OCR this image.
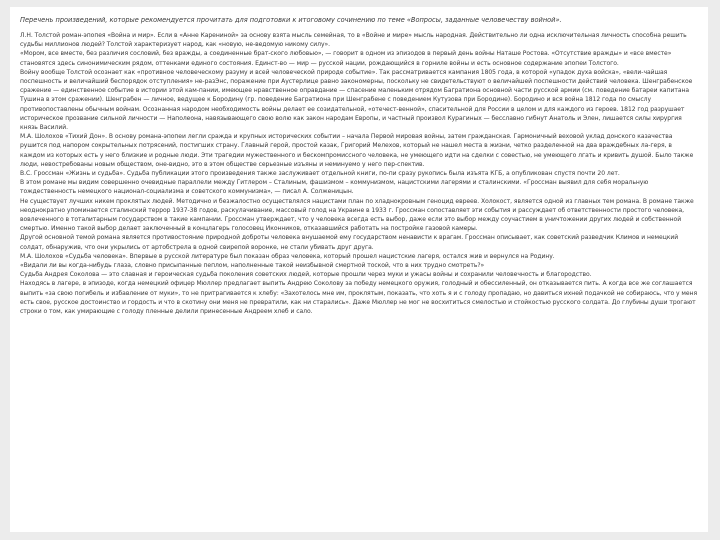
Перечень произведений, которые рекомендуется прочитать для подготовки к итоговому сочинению по теме «Вопросы, заданные человечеству войной».

Л.Н. Толстой роман-эпопея «Война и мир». Если в «Анне Карениной» за основу взята мысль семейная, то в «Войне и мире» мысль народная. Действительно ли одна исключительная личность способна решить судьбы миллионов людей? Толстой характеризует народ, как «новую, не-ведомую никому силу».

«Мором, все вместе, без различия сословий, без вражды, а соединенные брат-ского любовью», — говорит в одном из эпизодов в первый день войны Наташе Ростова. «Отсутствие вражды» и «все вместе» становятся здесь синонимическим рядом, оттенками единого состояния. Единст-во — мир — русской нации, рождающийся в горниле войны и есть основное содержание эпопеи Толстого.

Войну вообще Толстой осознает как «противное человеческому разуму и всей человеческой природе событие». Так рассматривается кампания 1805 года, в которой «упадок духа войска», «вели-чайшая поспешность и величайший беспорядок отступления» не-разЭнс, поражение при Аустерлице равно закономерны, поскольку не свидетельствуют о величайшей поспешности действий человека. Шенграбенское сражение — единственное событие в истории этой кам-пании, имеющее нравственное оправдание — спасение маленьким отрядом Багратиона основной части русской армии (см. поведение батареи капитана Тушина в этом сражении). Шенграбен — личное, ведущее к Бородину (гр. поведение Багратиона при Шенграбене с поведением Кутузова при Бородине). Бородино и вся война 1812 года по смыслу противопоставлены обычным войнам. Осознанная народом необходимость войны делает ее созидательной, «отечест-венной», спасительной для России в целом и для каждого из героев. 1812 год разрушает историческое прозвание сильной личности — Наполеона, навязывающего свою волю как закон народам Европы, и частный произвол Курагиных — бесславно гибнут Анатоль и Элен, лишается силы хирургия князь Василий.

М.А. Шолохов «Тихий Дон». В основу романа-эпопеи легли сражда и крупных исторических событии – начала Первой мировая войны, затем гражданская. Гармоничный веховой уклад донского казачества рушится под напором сокрытельных потрясений, постигших страну. Главный герой, простой казак, Григорий Мелехов, который не нашел места в жизни, четко разделенной на два враждебных ла-геря, в каждом из которых есть у него близкие и родные люди. Эти трагедии мужественного и бескомпромиссного человека, не умеющего идти на сделки с совестью, не умеющего лгать и кривить душой. Было также люди, невостребованы новым обществом, оне-видно, это в этом обществе серьезные изъяны и неминуемо у него пер-спектив.

В.С. Гроссман «Жизнь и судьба». Судьба публикации этого произведения также заслуживает отдельной книги, по-пи сразу рукопись была изъята КГБ, а опубликован спустя почти 20 лет.

В этом романе мы видим совершенно очевидные параллели между Гитлером – Сталиным, фашизмом – коммунизмом, нацистскими лагерями и сталинскими. «Гроссман выявил для себя моральную тождественность немецкого национал-социализма и советского коммунизма», — писал А. Солженицын.

Не существует лучших никем проклятых людей. Методично и безжалостно осуществлялся нацистами план по хладнокровным геноцид евреев. Холокост, является одной из главных тем романа. В романе также неоднократно упоминается сталинский террор 1937-38 годов, раскулачивание, массовый голод на Украине в 1933 г. Гроссман сопоставляет эти события и рассуждает об ответственности простого человека, вовлеченного в тоталитарным государством в такие кампании. Гроссман утверждает, что у человека всегда есть выбор, даже если это выбор между соучастием в уничтожении других людей и собственной смертью. Именно такой выбор делает заключенный в концлагерь голосовец Иконников, отказавшийся работать на постройке газовой камеры.

Другой основной темой романа является противостояние природной доброты человека внушаемой ему государством ненависти к врагам. Гроссман описывает, как советский разведчик Климов и немецкий солдат, обнаружив, что они укрылись от артобстрела в одной свирепой воронке, не стали убивать друг друга.

М.А. Шолохов «Судьба человека». Впервые в русской литературе был показан образ человека, который прошел нацистские лагеря, остался жив и вернулся на Родину.

«Видали ли вы когда-нибудь глаза, словно присыпанные пеплом, наполненные такой неизбывной смертной тоской, что в них трудно смотреть?»

Судьба Андрея Соколова — это славная и героическая судьба поколения советских людей, которые прошли через муки и ужасы войны и сохранили человечность и благородство.

Находясь в лагере, в эпизоде, когда немецкий офицер Мюллер предлагает выпить Андрею Соколову за победу немецкого оружия, голодный и обессиленный, он отказывается пить. А когда все же соглашается выпить «за свою погибель и избавление от муки», то не притрагивается к хлебу: «Захотелось мне им, проклятым, показать, что хоть я и с голоду пропадаю, но давиться ихней подачкой не собираюсь, что у меня есть свое, русское достоинство и гордость и что в скотину они меня не превратили, как ни старались». Даже Мюллер не мог не восхититься смелостью и стойкостью русского солдата. До глубины души трогают строки о том, как умирающие с голоду пленные делили принесенные Андреем хлеб и сало.
